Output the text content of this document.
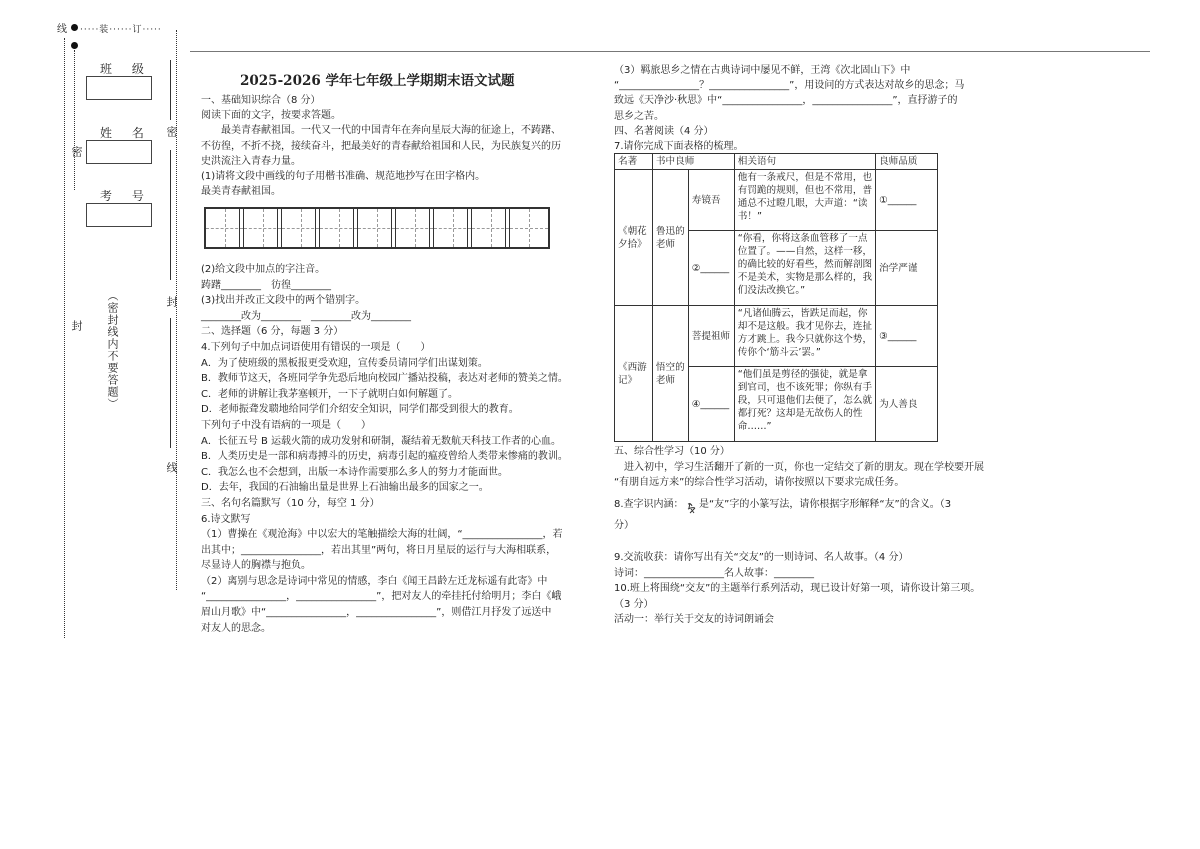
线 ·····装······订·····
班 级
姓 名
考 号
密
封 （密封线内不要答题）
密
封
线
2025-2026 学年七年级上学期期末语文试题
一、基础知识综合（8 分）
阅读下面的文字，按要求答题。
　　最美青春献祖国。一代又一代的中国青年在奔向星辰大海的征途上，不踌躇、
不彷徨，不折不挠，接续奋斗，把最美好的青春献给祖国和人民，为民族复兴的历
史洪流注入青春力量。
(1)请将文段中画线的句子用楷书准确、规范地抄写在田字格内。
最美青春献祖国。
(2)给文段中加点的字注音。
踌躇________　彷徨________
(3)找出并改正文段中的两个错别字。
________改为________　________改为________
二、选择题（6 分，每题 3 分）
4.下列句子中加点词语使用有错误的一项是（　　）
A．为了使班级的黑板报更受欢迎，宣传委员请同学们出谋划策。
B．教师节这天，各班同学争先恐后地向校园广播站投稿，表达对老师的赞美之情。
C．老师的讲解让我茅塞顿开，一下子就明白如何解题了。
D．老师振聋发聩地给同学们介绍安全知识，同学们都受到很大的教育。
下列句子中没有语病的一项是（　　）
A．长征五号 B 运载火箭的成功发射和研制，凝结着无数航天科技工作者的心血。
B．人类历史是一部和病毒搏斗的历史，病毒引起的瘟疫曾给人类带来惨痛的教训。
C．我怎么也不会想到，出版一本诗作需要那么多人的努力才能面世。
D．去年，我国的石油输出量是世界上石油输出最多的国家之一。
三、名句名篇默写（10 分，每空 1 分）
6.诗文默写
（1）曹操在《观沧海》中以宏大的笔触描绘大海的壮阔，“________________，若
出其中；________________，若出其里”两句，将日月星辰的运行与大海相联系，
尽显诗人的胸襟与抱负。
（2）离别与思念是诗词中常见的情感，李白《闻王昌龄左迁龙标遥有此寄》中
“________________，________________”，把对友人的牵挂托付给明月；李白《峨
眉山月歌》中“________________，________________”，则借江月抒发了远送中
对友人的思念。
（3）羁旅思乡之情在古典诗词中屡见不鲜，王湾《次北固山下》中
“________________？________________”，用设问的方式表达对故乡的思念；马
致远《天净沙·秋思》中“________________，________________”，直抒游子的
思乡之苦。
四、名著阅读（4 分）
7.请你完成下面表格的梳理。
名著	书中良师		相关语句	良师品质
《朝花夕拾》	鲁迅的老师	寿镜吾	他有一条戒尺，但是不常用，也有罚跪的规则，但也不常用，普通总不过瞪几眼，大声道：“读书！”	①______
		②______	“你看，你将这条血管移了一点位置了。——自然，这样一移，的确比较的好看些，然而解剖图不是美术，实物是那么样的，我们没法改换它。”	治学严谨
《西游记》	悟空的老师	菩提祖师	“凡诸仙腾云，皆跌足而起，你却不是这般。我才见你去，连扯方才跳上。我今只就你这个势，传你个‘筋斗云’罢。”	③______
		④______	“他们虽是剪径的强徒，就是拿到官司，也不该死罪；你纵有手段，只可退他们去便了，怎么就都打死？这却是无故伤人的性命……”	为人善良
五、综合性学习（10 分）
　进入初中，学习生活翻开了新的一页，你也一定结交了新的朋友。现在学校要开展
“有朋自远方来”的综合性学习活动，请你按照以下要求完成任务。
8.查字识内涵： 是“友”字的小篆写法，请你根据字形解释“友”的含义。（3
分）
9.交流收获：请你写出有关“交友”的一则诗词、名人故事。（4 分）
诗词：________________名人故事：________
10.班上将围绕“交友”的主题举行系列活动，现已设计好第一项，请你设计第三项。
（3 分）
活动一：举行关于交友的诗词朗诵会
